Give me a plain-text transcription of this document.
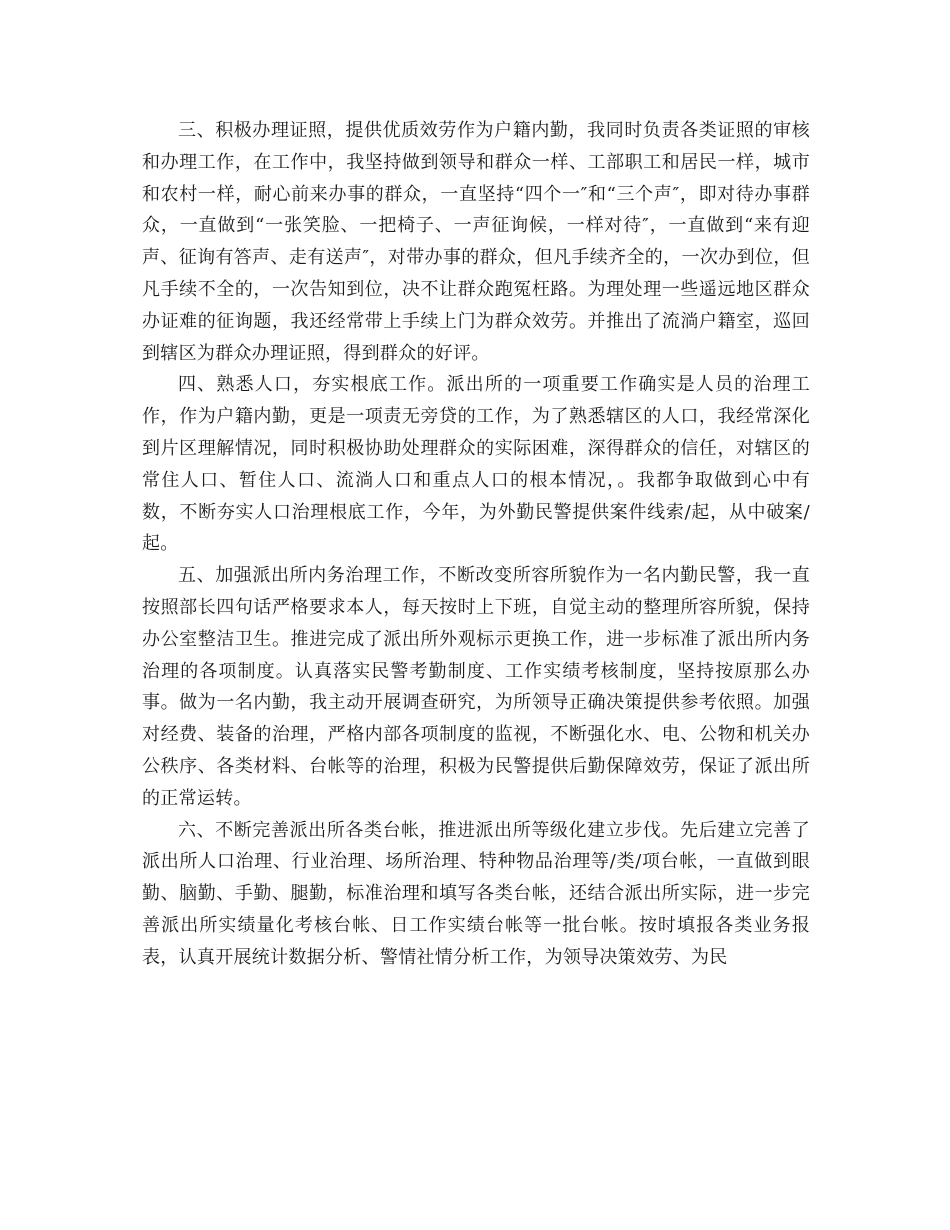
三、积极办理证照，提供优质效劳作为户籍内勤，我同时负责各类证照的审核和办理工作，在工作中，我坚持做到领导和群众一样、工部职工和居民一样，城市和农村一样，耐心前来办事的群众，一直坚持“四个一″和“三个声″，即对待办事群众，一直做到“一张笑脸、一把椅子、一声征询候，一样对待″，一直做到“来有迎声、征询有答声、走有送声″，对带办事的群众，但凡手续齐全的，一次办到位，但凡手续不全的，一次告知到位，决不让群众跑冤枉路。为理处理一些遥远地区群众办证难的征询题，我还经常带上手续上门为群众效劳。并推出了流淌户籍室，巡回到辖区为群众办理证照，得到群众的好评。

四、熟悉人口，夯实根底工作。派出所的一项重要工作确实是人员的治理工作，作为户籍内勤，更是一项责无旁贷的工作，为了熟悉辖区的人口，我经常深化到片区理解情况，同时积极协助处理群众的实际困难，深得群众的信任，对辖区的常住人口、暂住人口、流淌人口和重点人口的根本情况，。我都争取做到心中有数，不断夯实人口治理根底工作，今年，为外勤民警提供案件线索/起，从中破案/起。

五、加强派出所内务治理工作，不断改变所容所貌作为一名内勤民警，我一直按照部长四句话严格要求本人，每天按时上下班，自觉主动的整理所容所貌，保持办公室整洁卫生。推进完成了派出所外观标示更换工作，进一步标准了派出所内务治理的各项制度。认真落实民警考勤制度、工作实绩考核制度，坚持按原那么办事。做为一名内勤，我主动开展调查研究，为所领导正确决策提供参考依照。加强对经费、装备的治理，严格内部各项制度的监视，不断强化水、电、公物和机关办公秩序、各类材料、台帐等的治理，积极为民警提供后勤保障效劳，保证了派出所的正常运转。

六、不断完善派出所各类台帐，推进派出所等级化建立步伐。先后建立完善了派出所人口治理、行业治理、场所治理、特种物品治理等/类/项台帐，一直做到眼勤、脑勤、手勤、腿勤，标准治理和填写各类台帐，还结合派出所实际，进一步完善派出所实绩量化考核台帐、日工作实绩台帐等一批台帐。按时填报各类业务报表，认真开展统计数据分析、警情社情分析工作，为领导决策效劳、为民
